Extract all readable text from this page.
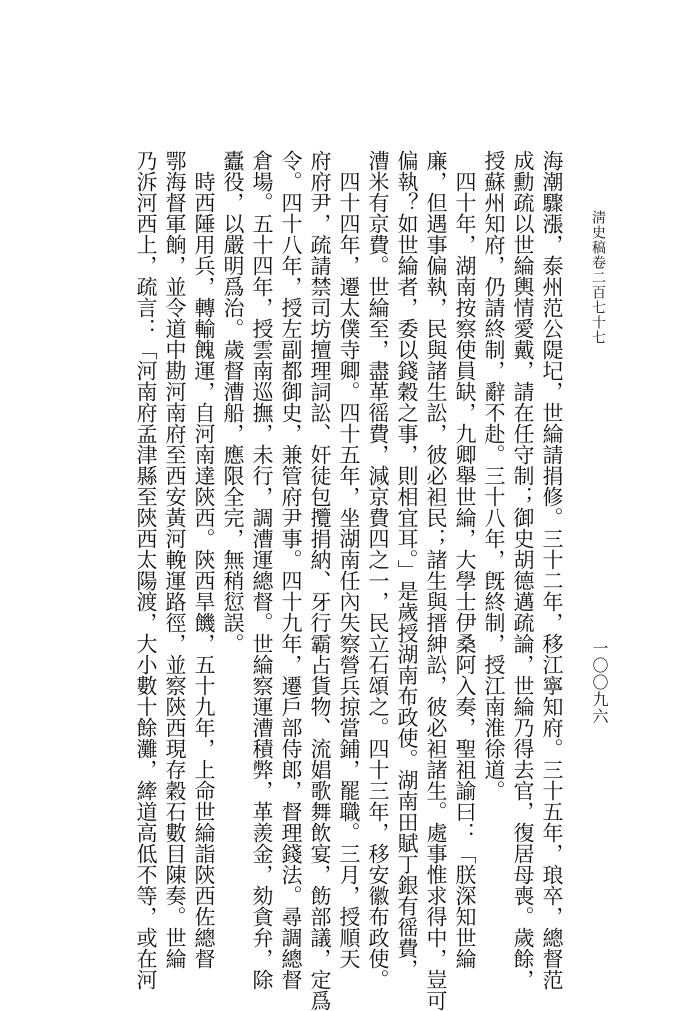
淸史稿卷二百七十七
一〇〇九六
海潮驟漲，泰州范公隄圮，世綸請捐修。三十二年，移江寧知府。三十五年，琅卒，總督范
成勳疏以世綸輿情愛戴，請在任守制；御史胡德邁疏論，世綸乃得去官，復居母喪。歲餘，
授蘇州知府，仍請終制，辭不赴。三十八年，旣終制，授江南淮徐道。
　四十年，湖南按察使員缺，九卿舉世綸，大學士伊桑阿入奏，聖祖諭曰：「朕深知世綸
廉，但遇事偏執，民與諸生訟，彼必袒民；諸生與搢紳訟，彼必袒諸生。處事惟求得中，豈可
偏執？如世綸者，委以錢穀之事，則相宜耳。」是歲授湖南布政使。湖南田賦丁銀有徭費，
漕米有京費。世綸至，盡革徭費，減京費四之一，民立石頌之。四十三年，移安徽布政使。
　四十四年，遷太僕寺卿。四十五年，坐湖南任內失察營兵掠當鋪，罷職。三月，授順天
府府尹，疏請禁司坊擅理詞訟、奸徒包攬捐納、牙行霸占貨物、流娼歌舞飲宴，飭部議，定爲
令。四十八年，授左副都御史，兼管府尹事。四十九年，遷戶部侍郎，督理錢法。尋調總督
倉場。五十四年，授雲南巡撫，未行，調漕運總督。世綸察運漕積弊，革羨金，劾貪弁，除
蠹役，以嚴明爲治。歲督漕船，應限全完，無稍愆誤。
　時西陲用兵，轉輸餽運，自河南達陝西。陝西旱饑，五十九年，上命世綸詣陝西佐總督
鄂海督軍餉，並令道中勘河南府至西安黃河輓運路徑，並察陝西現存穀石數目陳奏。世綸
乃泝河西上，疏言：「河南府孟津縣至陝西太陽渡，大小數十餘灘，縴道高低不等，或在河
